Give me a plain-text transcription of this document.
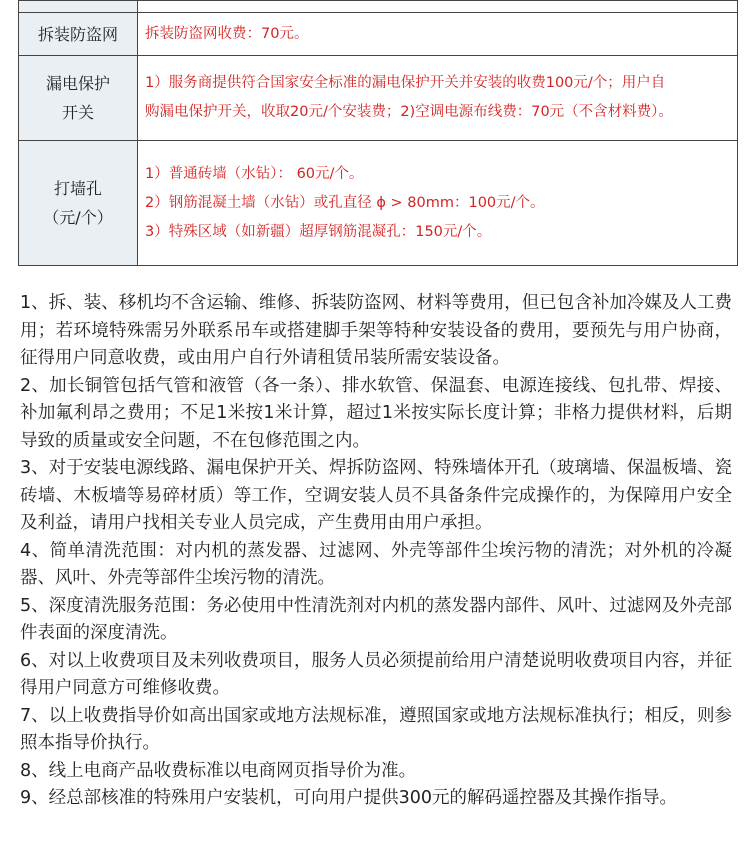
拆装防盗网	拆装防盗网收费：70元。

漏电保护
开关	1）服务商提供符合国家安全标准的漏电保护开关并安装的收费100元/个；用户自
购漏电保护开关，收取20元/个安装费；2)空调电源布线费：70元（不含材料费）。

打墙孔
（元/个）	1）普通砖墙（水钻）： 60元/个。
2）钢筋混凝土墙（水钻）或孔直径 ϕ > 80mm：100元/个。
3）特殊区域（如新疆）超厚钢筋混凝孔：150元/个。

1、拆、装、移机均不含运输、维修、拆装防盗网、材料等费用，但已包含补加冷媒及人工费用；若环境特殊需另外联系吊车或搭建脚手架等特种安装设备的费用，要预先与用户协商，征得用户同意收费，或由用户自行外请租赁吊装所需安装设备。

2、加长铜管包括气管和液管（各一条）、排水软管、保温套、电源连接线、包扎带、焊接、补加氟利昂之费用；不足1米按1米计算，超过1米按实际长度计算；非格力提供材料，后期导致的质量或安全问题，不在包修范围之内。

3、对于安装电源线路、漏电保护开关、焊拆防盗网、特殊墙体开孔（玻璃墙、保温板墙、瓷砖墙、木板墙等易碎材质）等工作，空调安装人员不具备条件完成操作的，为保障用户安全及利益，请用户找相关专业人员完成，产生费用由用户承担。

4、简单清洗范围：对内机的蒸发器、过滤网、外壳等部件尘埃污物的清洗；对外机的冷凝器、风叶、外壳等部件尘埃污物的清洗。

5、深度清洗服务范围：务必使用中性清洗剂对内机的蒸发器内部件、风叶、过滤网及外壳部件表面的深度清洗。

6、对以上收费项目及未列收费项目，服务人员必须提前给用户清楚说明收费项目内容，并征得用户同意方可维修收费。

7、以上收费指导价如高出国家或地方法规标准，遵照国家或地方法规标准执行；相反，则参照本指导价执行。

8、线上电商产品收费标准以电商网页指导价为准。

9、经总部核准的特殊用户安装机，可向用户提供300元的解码遥控器及其操作指导。
